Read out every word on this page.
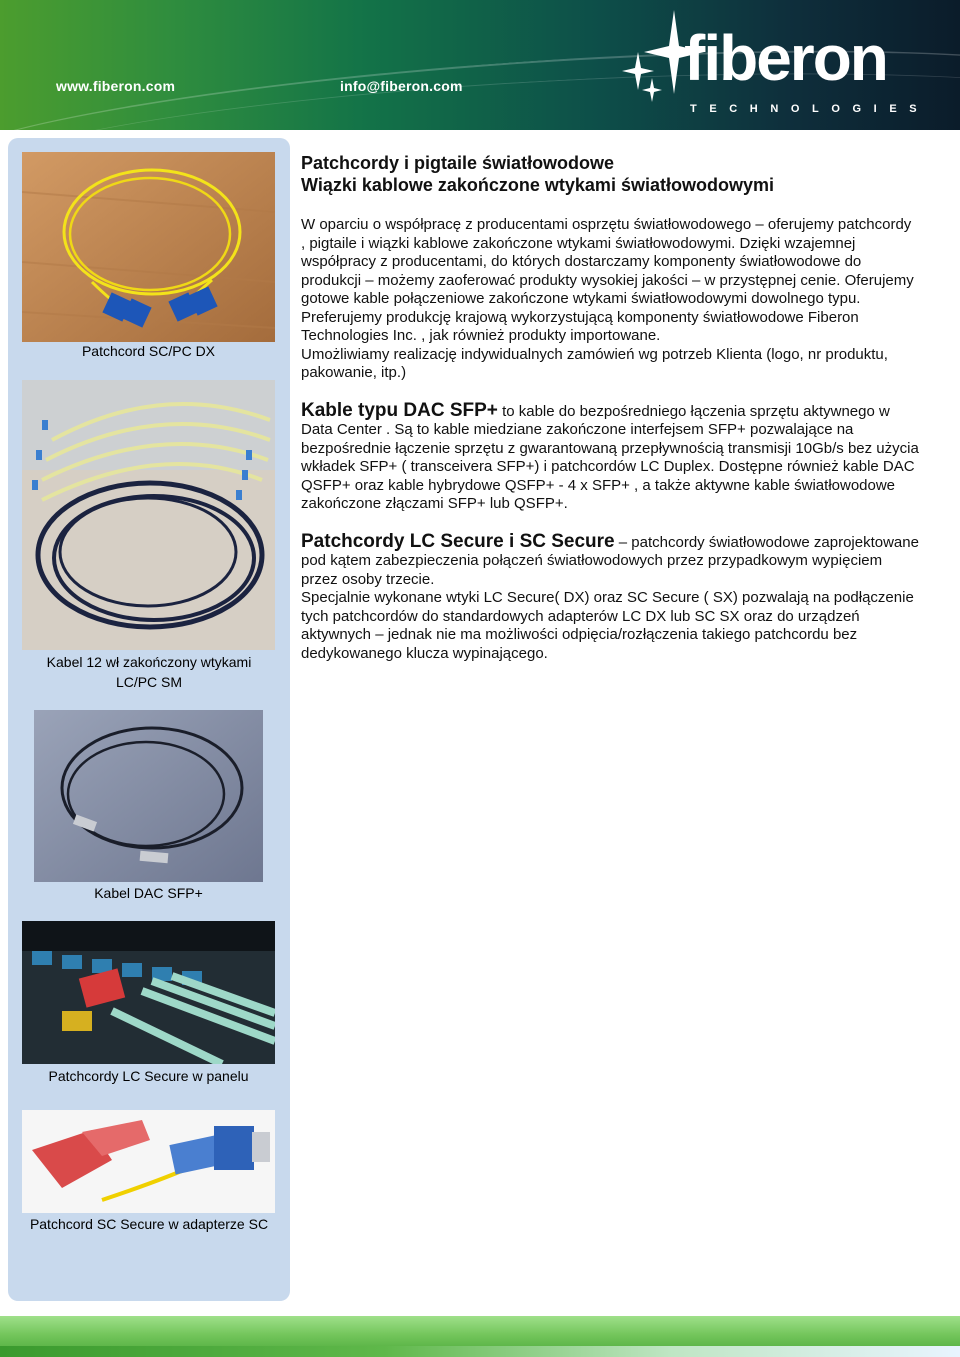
www.fiberon.com	info@fiberon.com	fiberon
TECHNOLOGIES
Patchcord SC/PC DX
Kabel 12 wł zakończony wtykami LC/PC SM
Kabel DAC SFP+
Patchcordy LC Secure w panelu
Patchcord SC Secure w adapterze SC
Patchcordy i pigtaile światłowodowe
Wiązki kablowe zakończone wtykami światłowodowymi

W oparciu o współpracę z producentami osprzętu światłowodowego – oferujemy patchcordy , pigtaile i wiązki kablowe zakończone wtykami światłowodowymi. Dzięki wzajemnej współpracy z producentami, do których dostarczamy komponenty światłowodowe do produkcji – możemy zaoferować produkty wysokiej jakości – w przystępnej cenie. Oferujemy gotowe kable połączeniowe zakończone wtykami światłowodowymi dowolnego typu.

Preferujemy produkcję krajową wykorzystującą komponenty światłowodowe Fiberon Technologies Inc. , jak również produkty importowane.

Umożliwiamy realizację indywidualnych zamówień wg potrzeb Klienta (logo, nr produktu, pakowanie, itp.)

Kable typu DAC SFP+ to kable do bezpośredniego łączenia sprzętu aktywnego w Data Center . Są to kable miedziane zakończone interfejsem SFP+ pozwalające na bezpośrednie łączenie sprzętu z gwarantowaną przepływnością transmisji 10Gb/s bez użycia wkładek SFP+ ( transceivera SFP+) i patchcordów LC Duplex. Dostępne również kable DAC QSFP+ oraz kable hybrydowe QSFP+ - 4 x SFP+ , a także aktywne kable światłowodowe zakończone złączami SFP+ lub QSFP+.

Patchcordy LC Secure i SC Secure – patchcordy światłowodowe zaprojektowane pod kątem zabezpieczenia połączeń światłowodowych przez przypadkowym wypięciem przez osoby trzecie.

Specjalnie wykonane wtyki LC Secure( DX) oraz SC Secure ( SX) pozwalają na podłączenie tych patchcordów do standardowych adapterów LC DX lub SC SX oraz do urządzeń aktywnych – jednak nie ma możliwości odpięcia/rozłączenia takiego patchcordu bez dedykowanego klucza wypinającego.
